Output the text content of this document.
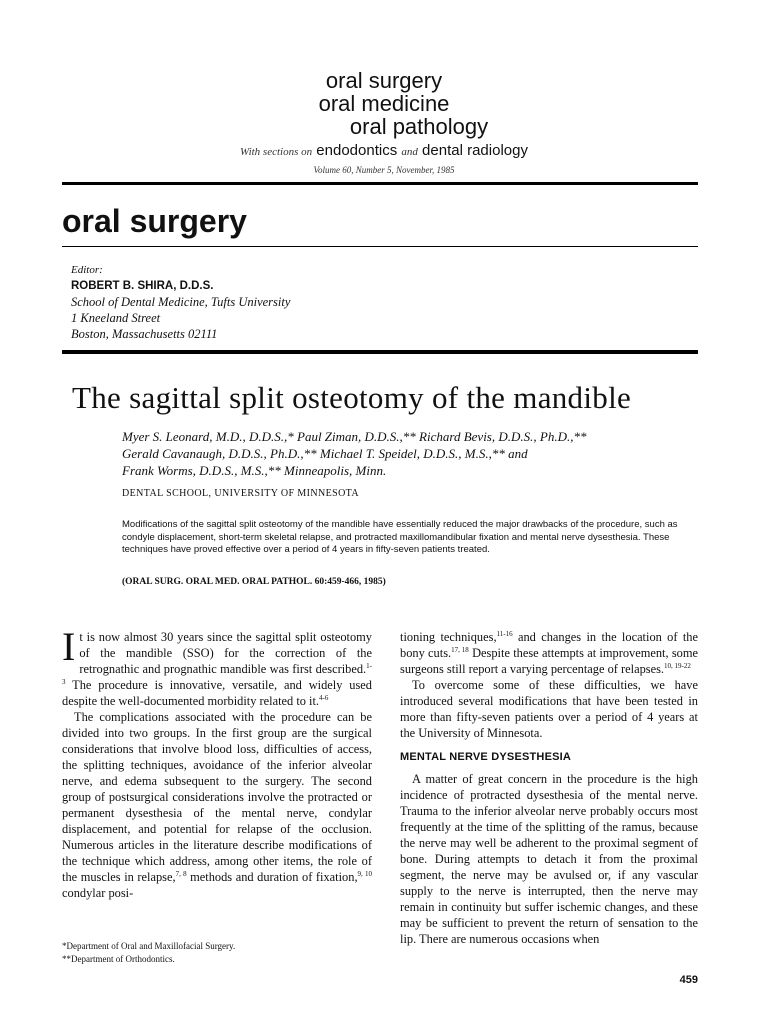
oral surgery
oral medicine
oral pathology
With sections on endodontics and dental radiology
Volume 60, Number 5, November, 1985
oral surgery
Editor:
ROBERT B. SHIRA, D.D.S.
School of Dental Medicine, Tufts University
1 Kneeland Street
Boston, Massachusetts 02111
The sagittal split osteotomy of the mandible
Myer S. Leonard, M.D., D.D.S.,* Paul Ziman, D.D.S.,** Richard Bevis, D.D.S., Ph.D.,**
Gerald Cavanaugh, D.D.S., Ph.D.,** Michael T. Speidel, D.D.S., M.S.,** and
Frank Worms, D.D.S., M.S.,** Minneapolis, Minn.
DENTAL SCHOOL, UNIVERSITY OF MINNESOTA
Modifications of the sagittal split osteotomy of the mandible have essentially reduced the major drawbacks of the procedure, such as condyle displacement, short-term skeletal relapse, and protracted maxillomandibular fixation and mental nerve dysesthesia. These techniques have proved effective over a period of 4 years in fifty-seven patients treated.
(ORAL SURG. ORAL MED. ORAL PATHOL. 60:459-466, 1985)

It is now almost 30 years since the sagittal split osteotomy of the mandible (SSO) for the correction of the retrognathic and prognathic mandible was first described.$^{1-3}$ The procedure is innovative, versatile, and widely used despite the well-documented morbidity related to it.$^{4-6}$

The complications associated with the procedure can be divided into two groups. In the first group are the surgical considerations that involve blood loss, difficulties of access, the splitting techniques, avoidance of the inferior alveolar nerve, and edema subsequent to the surgery. The second group of postsurgical considerations involve the protracted or permanent dysesthesia of the mental nerve, condylar displacement, and potential for relapse of the occlusion. Numerous articles in the literature describe modifications of the technique which address, among other items, the role of the muscles in relapse,$^{7, 8}$ methods and duration of fixation,$^{9, 10}$ condylar posi-

tioning techniques,$^{11-16}$ and changes in the location of the bony cuts.$^{17, 18}$ Despite these attempts at improvement, some surgeons still report a varying percentage of relapses.$^{10, 19-22}$

To overcome some of these difficulties, we have introduced several modifications that have been tested in more than fifty-seven patients over a period of 4 years at the University of Minnesota.

MENTAL NERVE DYSESTHESIA

A matter of great concern in the procedure is the high incidence of protracted dysesthesia of the mental nerve. Trauma to the inferior alveolar nerve probably occurs most frequently at the time of the splitting of the ramus, because the nerve may well be adherent to the proximal segment of bone. During attempts to detach it from the proximal segment, the nerve may be avulsed or, if any vascular supply to the nerve is interrupted, then the nerve may remain in continuity but suffer ischemic changes, and these may be sufficient to prevent the return of sensation to the lip. There are numerous occasions when

*Department of Oral and Maxillofacial Surgery.
**Department of Orthodontics.
459
